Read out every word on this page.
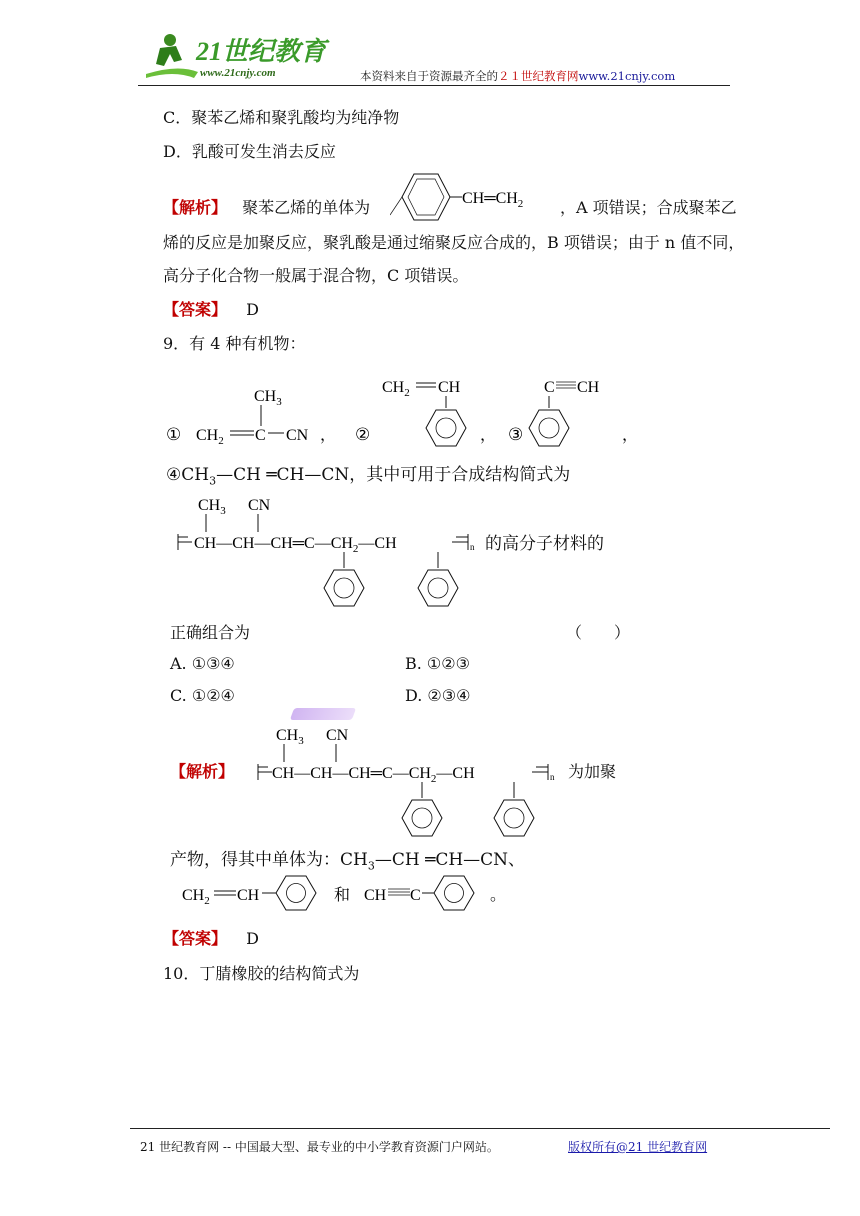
21世纪教育
www.21cnjy.com	本资料来自于资源最齐全的２１世纪教育网www.21cnjy.com
C．聚苯乙烯和聚乳酸均为纯净物
D．乳酸可发生消去反应
【解析】 聚苯乙烯的单体为	$CH═CH_2$ ，A 项错误；合成聚苯乙
烯的反应是加聚反应，聚乳酸是通过缩聚反应合成的，B 项错误；由于 n 值不同，
高分子化合物一般属于混合物，C 项错误。
【答案】 D
9．有 4 种有机物：
$CH_3$
① $CH_2$ C CN ， ②
$CH_2$ CH
， ③
C CH
，
$④CH_3—CH$ ═CH—CN，其中可用于合成结构简式为
$CH_3$ CN
$CH—CH—CH═C—CH_2—CH$	n 的高分子材料的
正确组合为	（　　）
A. ①③④	B. ①②③
C. ①②④	D. ②③④
【解析】
$CH_3$ CN
$CH—CH—CH═C—CH_2—CH$	n 为加聚
产物，得其中单体为：$CH_3—CH$ ═CH—CN、
$CH_2$ CH	和 CH C	。
【答案】 D
10．丁腈橡胶的结构简式为
21 世纪教育网 -- 中国最大型、最专业的中小学教育资源门户网站。	版权所有@21 世纪教育网
